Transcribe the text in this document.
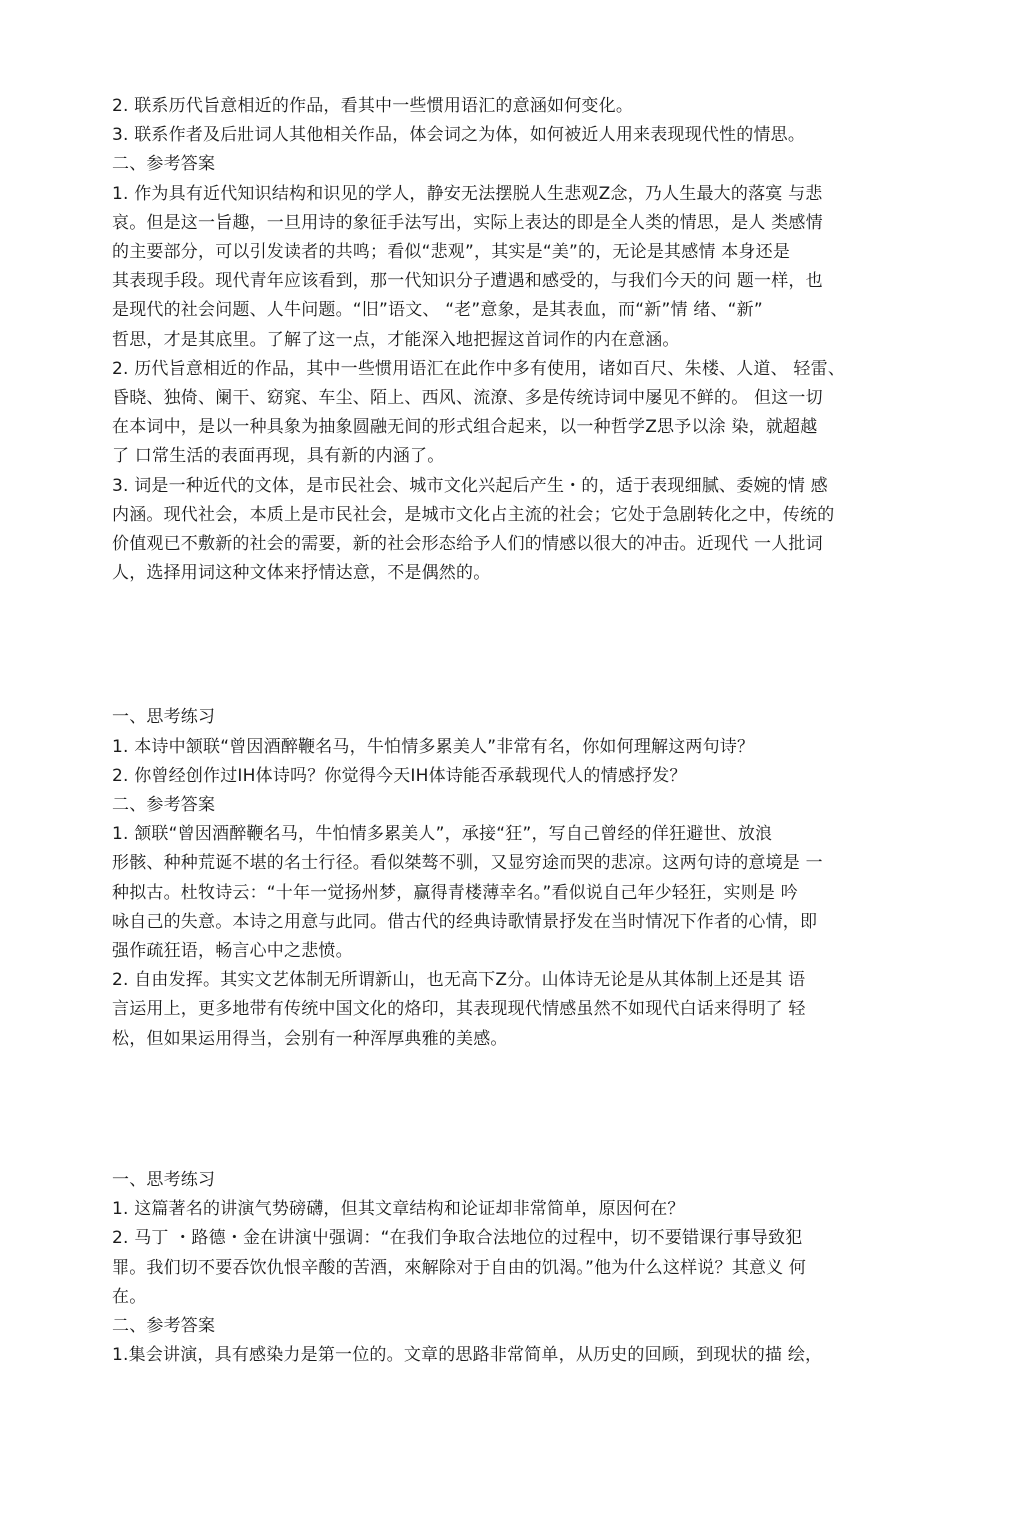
2. 联系历代旨意相近的作品，看其中一些惯用语汇的意涵如何变化。
3. 联系作者及后壯词人其他相关作品，体会词之为体，如何被近人用来表现现代性的情思。
二、参考答案
1. 作为具有近代知识结构和识见的学人，静安无法摆脱人生悲观Z念，乃人生最大的落寞 与悲
哀。但是这一旨趣，一旦用诗的象征手法写出，实际上表达的即是全人类的情思，是人 类感情
的主要部分，可以引发读者的共鸣；看似“悲观”，其实是“美”的，无论是其感情 本身还是
其表现手段。现代青年应该看到，那一代知识分子遭遇和感受的，与我们今天的问 题一样，也
是现代的社会问题、人牛问题。“旧”语文、 “老”意象，是其表血，而“新”情 绪、“新”
哲思，才是其底里。了解了这一点，才能深入地把握这首词作的内在意涵。
2. 历代旨意相近的作品，其中一些惯用语汇在此作中多有使用，诸如百尺、朱楼、人道、 轻雷、
昏晓、独倚、阑干、窈窕、车尘、陌上、西风、流潦、多是传统诗词中屡见不鲜的。 但这一切
在本词中，是以一种具象为抽象圆融无间的形式组合起来，以一种哲学Z思予以涂 染，就超越
了 口常生活的表面再现，具有新的内涵了。
3. 词是一种近代的文体，是市民社会、城市文化兴起后产生・的，适于表现细腻、委婉的情 感
内涵。现代社会，本质上是市民社会，是城市文化占主流的社会；它处于急剧转化之中，传统的
价值观已不敷新的社会的需要，新的社会形态给予人们的情感以很大的冲击。近现代 一人批词
人，选择用词这种文体来抒情达意，不是偶然的。
一、思考练习
1. 本诗中颔联“曾因酒醉鞭名马，牛怕情多累美人”非常有名，你如何理解这两句诗？
2. 你曾经创作过IH体诗吗？你觉得今天IH体诗能否承载现代人的情感抒发？
二、参考答案
1. 颔联“曾因酒醉鞭名马，牛怕情多累美人”，承接“狂”，写自己曾经的佯狂避世、放浪
形骸、种种荒诞不堪的名士行径。看似桀骜不驯，又显穷途而哭的悲凉。这两句诗的意境是 一
种拟古。杜牧诗云：“十年一觉扬州梦，赢得青楼薄幸名。”看似说自己年少轻狂，实则是 吟
咏自己的失意。本诗之用意与此同。借古代的经典诗歌情景抒发在当时情况下作者的心情，即
强作疏狂语，畅言心中之悲愤。
2. 自由发挥。其实文艺体制无所谓新山，也无高下Z分。山体诗无论是从其体制上还是其 语
言运用上，更多地带有传统中国文化的烙印，其表现现代情感虽然不如现代白话来得明了 轻
松，但如果运用得当，会别有一种浑厚典雅的美感。
一、思考练习
1. 这篇著名的讲演气势磅礴，但其文章结构和论证却非常简单，原因何在？
2. 马丁 ・路德・金在讲演屮强调：“在我们争取合法地位的过程中，切不要错课行事导致犯
罪。我们切不要吞饮仇恨辛酸的苦酒，來解除对于自由的饥渴。”他为什么这样说？其意义 何
在。
二、参考答案
1.集会讲演，具有感染力是第一位的。文章的思路非常简单，从历史的回顾，到现状的描 绘，
